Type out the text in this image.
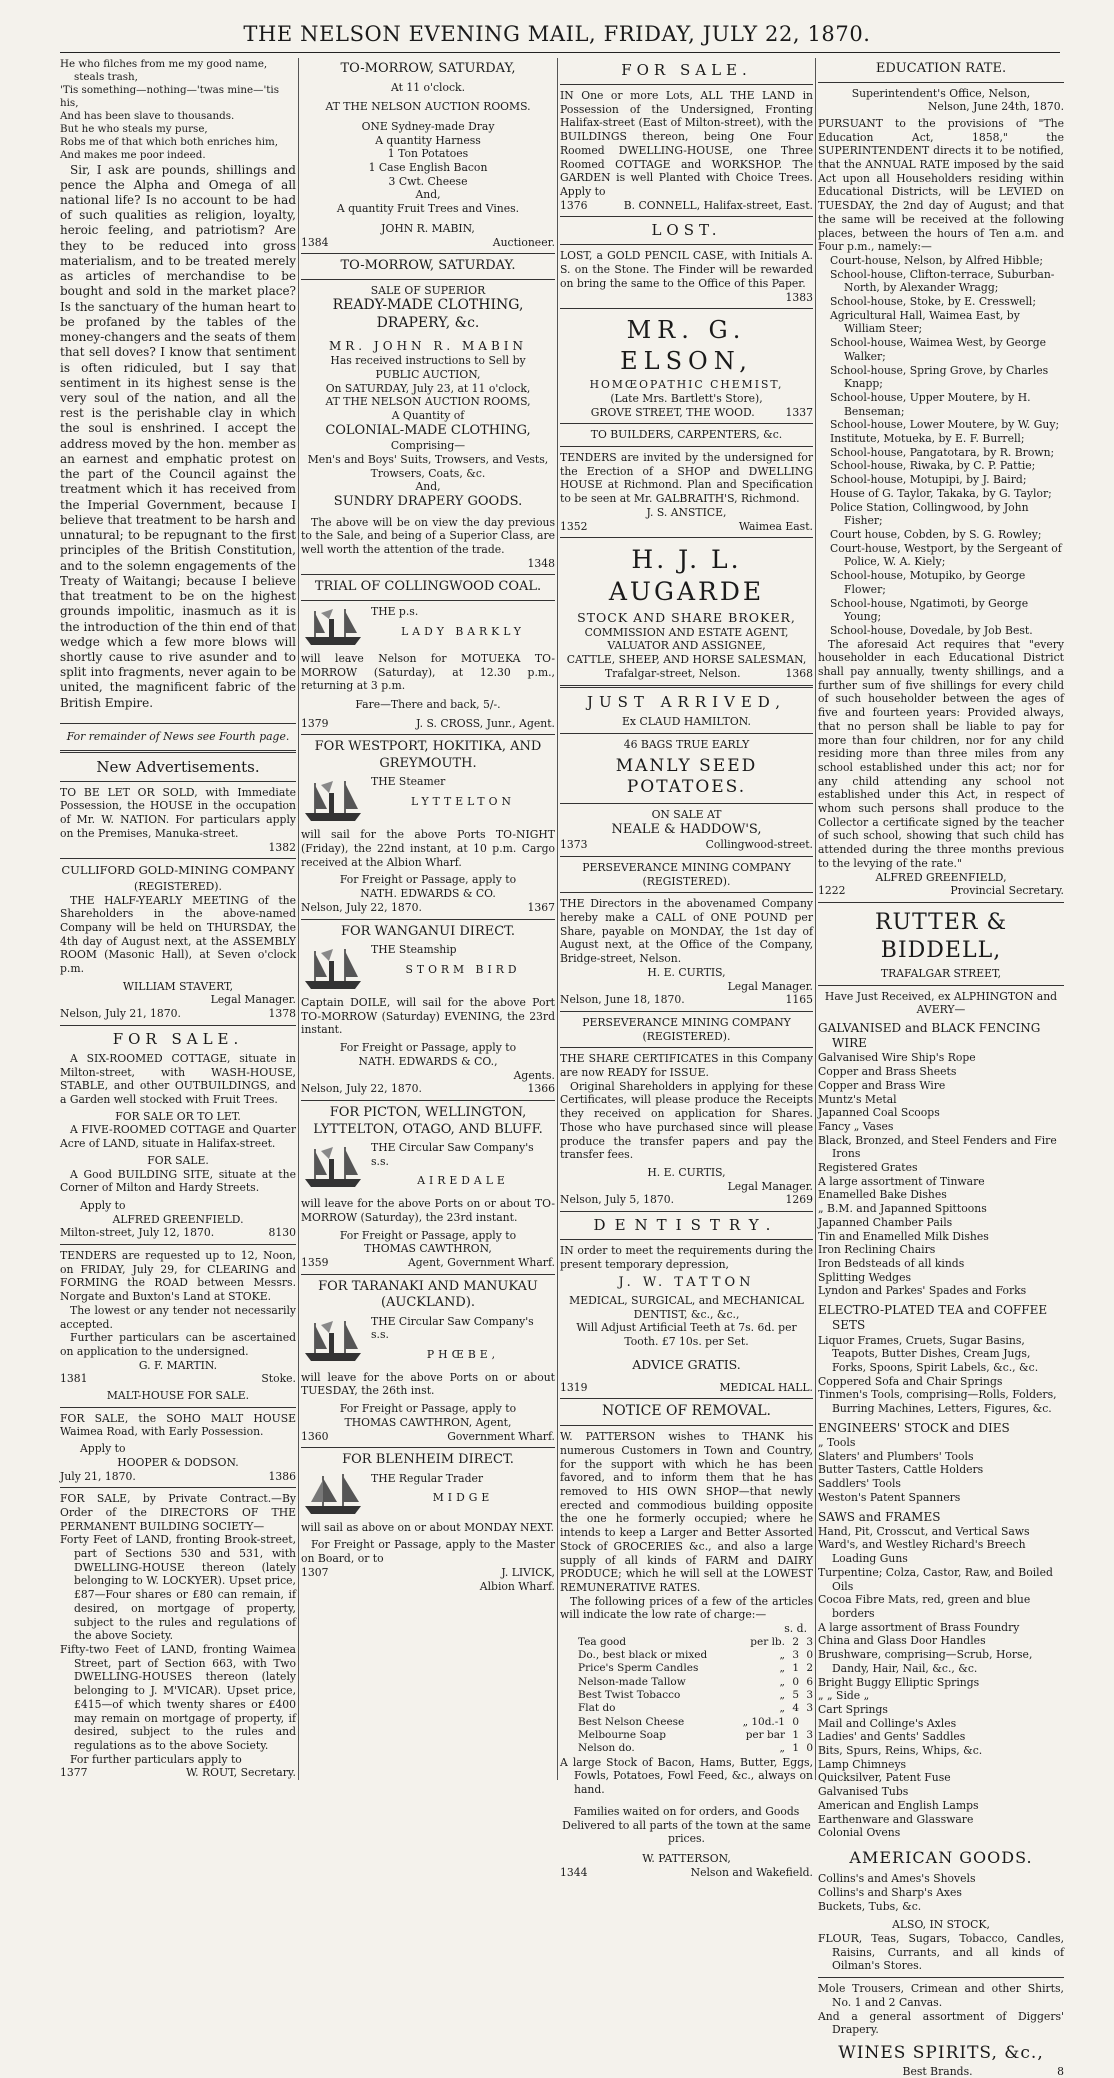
THE NELSON EVENING MAIL, FRIDAY, JULY 22, 1870.
He who filches from me my good name, steals trash,
'Tis something—nothing—'twas mine—'tis his,
And has been slave to thousands.
But he who steals my purse,
Robs me of that which both enriches him,
And makes me poor indeed.

Sir, I ask are pounds, shillings and pence the Alpha and Omega of all national life? Is no account to be had of such qualities as religion, loyalty, heroic feeling, and patriotism? Are they to be reduced into gross materialism, and to be treated merely as articles of merchandise to be bought and sold in the market place? Is the sanctuary of the human heart to be profaned by the tables of the money-changers and the seats of them that sell doves? I know that sentiment is often ridiculed, but I say that sentiment in its highest sense is the very soul of the nation, and all the rest is the perishable clay in which the soul is enshrined. I accept the address moved by the hon. member as an earnest and emphatic protest on the part of the Council against the treatment which it has received from the Imperial Government, because I believe that treatment to be harsh and unnatural; to be repugnant to the first principles of the British Constitution, and to the solemn engagements of the Treaty of Waitangi; because I believe that treatment to be on the highest grounds impolitic, inasmuch as it is the introduction of the thin end of that wedge which a few more blows will shortly cause to rive asunder and to split into fragments, never again to be united, the magnificent fabric of the British Empire.

For remainder of News see Fourth page.
New Advertisements.

TO BE LET OR SOLD, with Immediate Possession, the HOUSE in the occupation of Mr. W. NATION. For particulars apply on the Premises, Manuka-street.

1382
CULLIFORD GOLD-MINING COMPANY
(REGISTERED).

THE HALF-YEARLY MEETING of the Shareholders in the above-named Company will be held on THURSDAY, the 4th day of August next, at the ASSEMBLY ROOM (Masonic Hall), at Seven o'clock p.m.

WILLIAM STAVERT,
Legal Manager.
Nelson, July 21, 1870.	1378
FOR SALE.

A SIX-ROOMED COTTAGE, situate in Milton-street, with WASH-HOUSE, STABLE, and other OUTBUILDINGS, and a Garden well stocked with Fruit Trees.

FOR SALE OR TO LET.

A FIVE-ROOMED COTTAGE and Quarter Acre of LAND, situate in Halifax-street.

FOR SALE.

A Good BUILDING SITE, situate at the Corner of Milton and Hardy Streets.

Apply to
ALFRED GREENFIELD.
Milton-street, July 12, 1870.	8130

TENDERS are requested up to 12, Noon, on FRIDAY, July 29, for CLEARING and FORMING the ROAD between Messrs. Norgate and Buxton's Land at STOKE.

The lowest or any tender not necessarily accepted.

Further particulars can be ascertained on application to the undersigned.

G. F. MARTIN.
1381	Stoke.
MALT-HOUSE FOR SALE.

FOR SALE, the SOHO MALT HOUSE Waimea Road, with Early Possession.

Apply to
HOOPER & DODSON.
July 21, 1870.	1386

FOR SALE, by Private Contract.—By Order of the DIRECTORS OF THE PERMANENT BUILDING SOCIETY—

Forty Feet of LAND, fronting Brook-street, part of Sections 530 and 531, with DWELLING-HOUSE thereon (lately belonging to W. LOCKYER). Upset price, £87—Four shares or £80 can remain, if desired, on mortgage of property, subject to the rules and regulations of the above Society.

Fifty-two Feet of LAND, fronting Waimea Street, part of Section 663, with Two DWELLING-HOUSES thereon (lately belonging to J. M'VICAR). Upset price, £415—of which twenty shares or £400 may remain on mortgage of property, if desired, subject to the rules and regulations as to the above Society.

For further particulars apply to

1377	W. ROUT, Secretary.
TO-MORROW, SATURDAY,
At 11 o'clock.
AT THE NELSON AUCTION ROOMS.
ONE Sydney-made Dray
A quantity Harness
1 Ton Potatoes
1 Case English Bacon
3 Cwt. Cheese
And,
A quantity Fruit Trees and Vines.
JOHN R. MABIN,
1384	Auctioneer.
TO-MORROW, SATURDAY.
SALE OF SUPERIOR
READY-MADE CLOTHING,
DRAPERY, &c.
MR. JOHN R. MABIN
Has received instructions to Sell by
PUBLIC AUCTION,
On SATURDAY, July 23, at 11 o'clock,
AT THE NELSON AUCTION ROOMS,
A Quantity of
COLONIAL-MADE CLOTHING,
Comprising—
Men's and Boys' Suits, Trowsers, and Vests, Trowsers, Coats, &c.
And,
SUNDRY DRAPERY GOODS.

The above will be on view the day previous to the Sale, and being of a Superior Class, are well worth the attention of the trade.

1348
TRIAL OF COLLINGWOOD COAL.
THE p.s.
LADY BARKLY

will leave Nelson for MOTUEKA TO-MORROW (Saturday), at 12.30 p.m., returning at 3 p.m.

Fare—There and back, 5/-.
1379	J. S. CROSS, Junr., Agent.
FOR WESTPORT, HOKITIKA, AND GREYMOUTH.
THE Steamer
LYTTELTON

will sail for the above Ports TO-NIGHT (Friday), the 22nd instant, at 10 p.m. Cargo received at the Albion Wharf.

For Freight or Passage, apply to
NATH. EDWARDS & CO.
Nelson, July 22, 1870.	1367
FOR WANGANUI DIRECT.
THE Steamship
STORM BIRD

Captain DOILE, will sail for the above Port TO-MORROW (Saturday) EVENING, the 23rd instant.

For Freight or Passage, apply to
NATH. EDWARDS & CO.,
Agents.
Nelson, July 22, 1870.	1366
FOR PICTON, WELLINGTON, LYTTELTON, OTAGO, AND BLUFF.
THE Circular Saw Company's s.s.
AIREDALE

will leave for the above Ports on or about TO-MORROW (Saturday), the 23rd instant.

For Freight or Passage, apply to
THOMAS CAWTHRON,
1359	Agent, Government Wharf.
FOR TARANAKI AND MANUKAU (AUCKLAND).
THE Circular Saw Company's s.s.
PHŒBE,

will leave for the above Ports on or about TUESDAY, the 26th inst.

For Freight or Passage, apply to
THOMAS CAWTHRON, Agent,
1360	Government Wharf.
FOR BLENHEIM DIRECT.
THE Regular Trader
MIDGE

will sail as above on or about MONDAY NEXT.

For Freight or Passage, apply to the Master on Board, or to

1307	J. LIVICK,
Albion Wharf.
FOR SALE.

IN One or more Lots, ALL THE LAND in Possession of the Undersigned, Fronting Halifax-street (East of Milton-street), with the BUILDINGS thereon, being One Four Roomed DWELLING-HOUSE, one Three Roomed COTTAGE and WORKSHOP. The GARDEN is well Planted with Choice Trees. Apply to

1376	B. CONNELL, Halifax-street, East.
LOST.

LOST, a GOLD PENCIL CASE, with Initials A. S. on the Stone. The Finder will be rewarded on bring the same to the Office of this Paper.

1383
MR. G. ELSON,
HOMŒOPATHIC CHEMIST,
(Late Mrs. Bartlett's Store),
GROVE STREET, THE WOOD.	1337
TO BUILDERS, CARPENTERS, &c.

TENDERS are invited by the undersigned for the Erection of a SHOP and DWELLING HOUSE at Richmond. Plan and Specification to be seen at Mr. GALBRAITH'S, Richmond.

J. S. ANSTICE,
1352	Waimea East.
H. J. L. AUGARDE
STOCK AND SHARE BROKER,
COMMISSION AND ESTATE AGENT,
VALUATOR AND ASSIGNEE,
CATTLE, SHEEP, AND HORSE SALESMAN,
Trafalgar-street, Nelson.	1368
JUST ARRIVED,
Ex CLAUD HAMILTON.
46 BAGS TRUE EARLY
MANLY SEED POTATOES.
ON SALE AT
NEALE & HADDOW'S,
1373	Collingwood-street.
PERSEVERANCE MINING COMPANY
(REGISTERED).

THE Directors in the abovenamed Company hereby make a CALL of ONE POUND per Share, payable on MONDAY, the 1st day of August next, at the Office of the Company, Bridge-street, Nelson.

H. E. CURTIS,
Legal Manager.
Nelson, June 18, 1870.	1165
PERSEVERANCE MINING COMPANY
(REGISTERED).

THE SHARE CERTIFICATES in this Company are now READY for ISSUE.

Original Shareholders in applying for these Certificates, will please produce the Receipts they received on application for Shares. Those who have purchased since will please produce the transfer papers and pay the transfer fees.

H. E. CURTIS,
Legal Manager.
Nelson, July 5, 1870.	1269
DENTISTRY.

IN order to meet the requirements during the present temporary depression,

J. W. TATTON
MEDICAL, SURGICAL, and MECHANICAL DENTIST, &c., &c.,
Will Adjust Artificial Teeth at 7s. 6d. per Tooth. £7 10s. per Set.
ADVICE GRATIS.
1319	MEDICAL HALL.
NOTICE OF REMOVAL.

W. PATTERSON wishes to THANK his numerous Customers in Town and Country, for the support with which he has been favored, and to inform them that he has removed to HIS OWN SHOP—that newly erected and commodious building opposite the one he formerly occupied; where he intends to keep a Larger and Better Assorted Stock of GROCERIES &c., and also a large supply of all kinds of FARM and DAIRY PRODUCE; which he will sell at the LOWEST REMUNERATIVE RATES.

The following prices of a few of the articles will indicate the low rate of charge:—

s. d.
Tea good	per lb.	2	3
Do., best black or mixed	„	3	0
Price's Sperm Candles	„	1	2
Nelson-made Tallow	„	0	6
Best Twist Tobacco	„	5	3
Flat do	„	4	3
Best Nelson Cheese	„ 10d.-1	0	
Melbourne Soap	per bar	1	3
Nelson do.	„	1	0

A large Stock of Bacon, Hams, Butter, Eggs, Fowls, Potatoes, Fowl Feed, &c., always on hand.

Families waited on for orders, and Goods Delivered to all parts of the town at the same prices.
W. PATTERSON,
1344	Nelson and Wakefield.
EDUCATION RATE.
Superintendent's Office, Nelson,
Nelson, June 24th, 1870.

PURSUANT to the provisions of "The Education Act, 1858," the SUPERINTENDENT directs it to be notified, that the ANNUAL RATE imposed by the said Act upon all Householders residing within Educational Districts, will be LEVIED on TUESDAY, the 2nd day of August; and that the same will be received at the following places, between the hours of Ten a.m. and Four p.m., namely:—

Court-house, Nelson, by Alfred Hibble;
School-house, Clifton-terrace, Suburban-North, by Alexander Wragg;
School-house, Stoke, by E. Cresswell;
Agricultural Hall, Waimea East, by William Steer;
School-house, Waimea West, by George Walker;
School-house, Spring Grove, by Charles Knapp;
School-house, Upper Moutere, by H. Benseman;
School-house, Lower Moutere, by W. Guy;
Institute, Motueka, by E. F. Burrell;
School-house, Pangatotara, by R. Brown;
School-house, Riwaka, by C. P. Pattie;
School-house, Motupipi, by J. Baird;
House of G. Taylor, Takaka, by G. Taylor;
Police Station, Collingwood, by John Fisher;
Court house, Cobden, by S. G. Rowley;
Court-house, Westport, by the Sergeant of Police, W. A. Kiely;
School-house, Motupiko, by George Flower;
School-house, Ngatimoti, by George Young;
School-house, Dovedale, by Job Best.

The aforesaid Act requires that "every householder in each Educational District shall pay annually, twenty shillings, and a further sum of five shillings for every child of such householder between the ages of five and fourteen years: Provided always, that no person shall be liable to pay for more than four children, nor for any child residing more than three miles from any school established under this act; nor for any child attending any school not established under this Act, in respect of whom such persons shall produce to the Collector a certificate signed by the teacher of such school, showing that such child has attended during the three months previous to the levying of the rate."

ALFRED GREENFIELD,
1222	Provincial Secretary.
RUTTER & BIDDELL,
TRAFALGAR STREET,
Have Just Received, ex ALPHINGTON and AVERY—
GALVANISED and BLACK FENCING WIRE
Galvanised Wire Ship's Rope
Copper and Brass Sheets
Copper and Brass Wire
Muntz's Metal
Japanned Coal Scoops
Fancy „ Vases
Black, Bronzed, and Steel Fenders and Fire Irons
Registered Grates
A large assortment of Tinware
Enamelled Bake Dishes
„ B.M. and Japanned Spittoons
Japanned Chamber Pails
Tin and Enamelled Milk Dishes
Iron Reclining Chairs
Iron Bedsteads of all kinds
Splitting Wedges
Lyndon and Parkes' Spades and Forks
ELECTRO-PLATED TEA and COFFEE SETS
Liquor Frames, Cruets, Sugar Basins, Teapots, Butter Dishes, Cream Jugs, Forks, Spoons, Spirit Labels, &c., &c.
Coppered Sofa and Chair Springs
Tinmen's Tools, comprising—Rolls, Folders, Burring Machines, Letters, Figures, &c.
ENGINEERS' STOCK and DIES
„ Tools
Slaters' and Plumbers' Tools
Butter Tasters, Cattle Holders
Saddlers' Tools
Weston's Patent Spanners
SAWS and FRAMES
Hand, Pit, Crosscut, and Vertical Saws
Ward's, and Westley Richard's Breech Loading Guns
Turpentine; Colza, Castor, Raw, and Boiled Oils
Cocoa Fibre Mats, red, green and blue borders
A large assortment of Brass Foundry
China and Glass Door Handles
Brushware, comprising—Scrub, Horse, Dandy, Hair, Nail, &c., &c.
Bright Buggy Elliptic Springs
„ „ Side „
Cart Springs
Mail and Collinge's Axles
Ladies' and Gents' Saddles
Bits, Spurs, Reins, Whips, &c.
Lamp Chimneys
Quicksilver, Patent Fuse
Galvanised Tubs
American and English Lamps
Earthenware and Glassware
Colonial Ovens
AMERICAN GOODS.
Collins's and Ames's Shovels
Collins's and Sharp's Axes
Buckets, Tubs, &c.
ALSO, IN STOCK,

FLOUR, Teas, Sugars, Tobacco, Candles, Raisins, Currants, and all kinds of Oilman's Stores.

Mole Trousers, Crimean and other Shirts, No. 1 and 2 Canvas.

And a general assortment of Diggers' Drapery.

WINES SPIRITS, &c.,
Best Brands.	8
